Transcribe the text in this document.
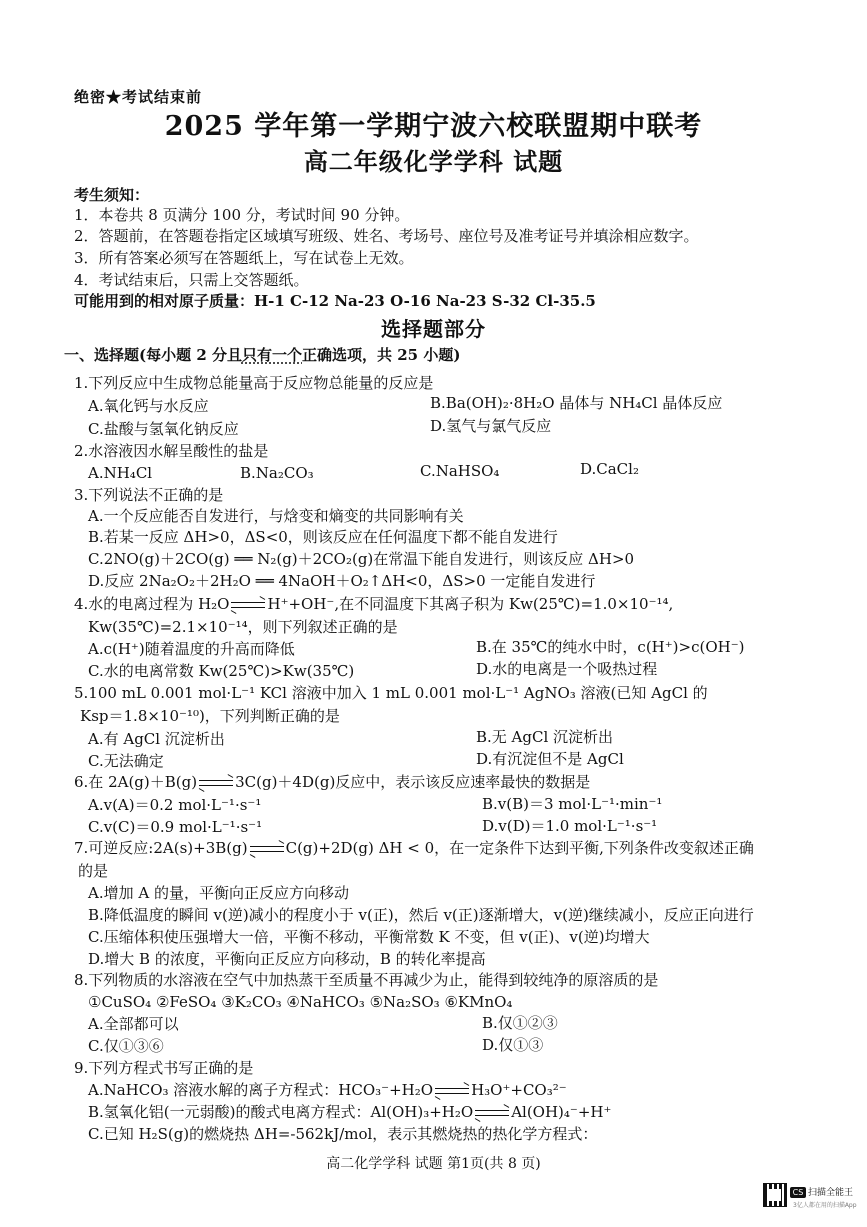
绝密★考试结束前
2025 学年第一学期宁波六校联盟期中联考
高二年级化学学科 试题
考生须知：
1．本卷共 8 页满分 100 分，考试时间 90 分钟。
2．答题前，在答题卷指定区域填写班级、姓名、考场号、座位号及准考证号并填涂相应数字。
3．所有答案必须写在答题纸上，写在试卷上无效。
4．考试结束后，只需上交答题纸。
可能用到的相对原子质量：H-1 C-12 Na-23 O-16 Na-23 S-32 Cl-35.5
选择题部分
一、选择题(每小题 2 分且只有一个正确选项，共 25 小题)
1.下列反应中生成物总能量高于反应物总能量的反应是
A.氧化钙与水反应	B.Ba(OH)₂·8H₂O 晶体与 NH₄Cl 晶体反应
C.盐酸与氢氧化钠反应	D.氢气与氯气反应
2.水溶液因水解呈酸性的盐是
A.NH₄Cl	B.Na₂CO₃	C.NaHSO₄	D.CaCl₂
3.下列说法不正确的是
A.一个反应能否自发进行，与焓变和熵变的共同影响有关
B.若某一反应 ΔH>0，ΔS<0，则该反应在任何温度下都不能自发进行
C.2NO(g)＋2CO(g) ══ N₂(g)＋2CO₂(g)在常温下能自发进行，则该反应 ΔH>0
D.反应 2Na₂O₂＋2H₂O ══ 4NaOH＋O₂↑ΔH<0，ΔS>0 一定能自发进行
4.水的电离过程为 H₂O	H⁺+OH⁻,在不同温度下其离子积为 Kw(25℃)=1.0×10⁻¹⁴,
Kw(35℃)=2.1×10⁻¹⁴，则下列叙述正确的是
A.c(H⁺)随着温度的升高而降低	B.在 35℃的纯水中时，c(H⁺)>c(OH⁻)
C.水的电离常数 Kw(25℃)>Kw(35℃)	D.水的电离是一个吸热过程
5.100 mL 0.001 mol·L⁻¹ KCl 溶液中加入 1 mL 0.001 mol·L⁻¹ AgNO₃ 溶液(已知 AgCl 的
Ksp＝1.8×10⁻¹⁰)，下列判断正确的是
A.有 AgCl 沉淀析出	B.无 AgCl 沉淀析出
C.无法确定	D.有沉淀但不是 AgCl
6.在 2A(g)＋B(g)	3C(g)＋4D(g)反应中，表示该反应速率最快的数据是
A.v(A)＝0.2 mol·L⁻¹·s⁻¹	B.v(B)＝3 mol·L⁻¹·min⁻¹
C.v(C)＝0.9 mol·L⁻¹·s⁻¹	D.v(D)＝1.0 mol·L⁻¹·s⁻¹
7.可逆反应:2A(s)+3B(g)	C(g)+2D(g) ΔH < 0，在一定条件下达到平衡,下列条件改变叙述正确
的是
A.增加 A 的量，平衡向正反应方向移动
B.降低温度的瞬间 v(逆)减小的程度小于 v(正)，然后 v(正)逐渐增大，v(逆)继续减小，反应正向进行
C.压缩体积使压强增大一倍，平衡不移动，平衡常数 K 不变，但 v(正)、v(逆)均增大
D.增大 B 的浓度，平衡向正反应方向移动，B 的转化率提高
8.下列物质的水溶液在空气中加热蒸干至质量不再减少为止，能得到较纯净的原溶质的是
①CuSO₄ ②FeSO₄ ③K₂CO₃ ④NaHCO₃ ⑤Na₂SO₃ ⑥KMnO₄
A.全部都可以	B.仅①②③
C.仅①③⑥	D.仅①③
9.下列方程式书写正确的是
A.NaHCO₃ 溶液水解的离子方程式：HCO₃⁻+H₂O	H₃O⁺+CO₃²⁻
B.氢氧化铝(一元弱酸)的酸式电离方程式：Al(OH)₃+H₂O	Al(OH)₄⁻+H⁺
C.已知 H₂S(g)的燃烧热 ΔH=-562kJ/mol，表示其燃烧热的热化学方程式：
高二化学学科 试题 第1页(共 8 页)
CS 扫描全能王
3亿人都在用的扫描App
